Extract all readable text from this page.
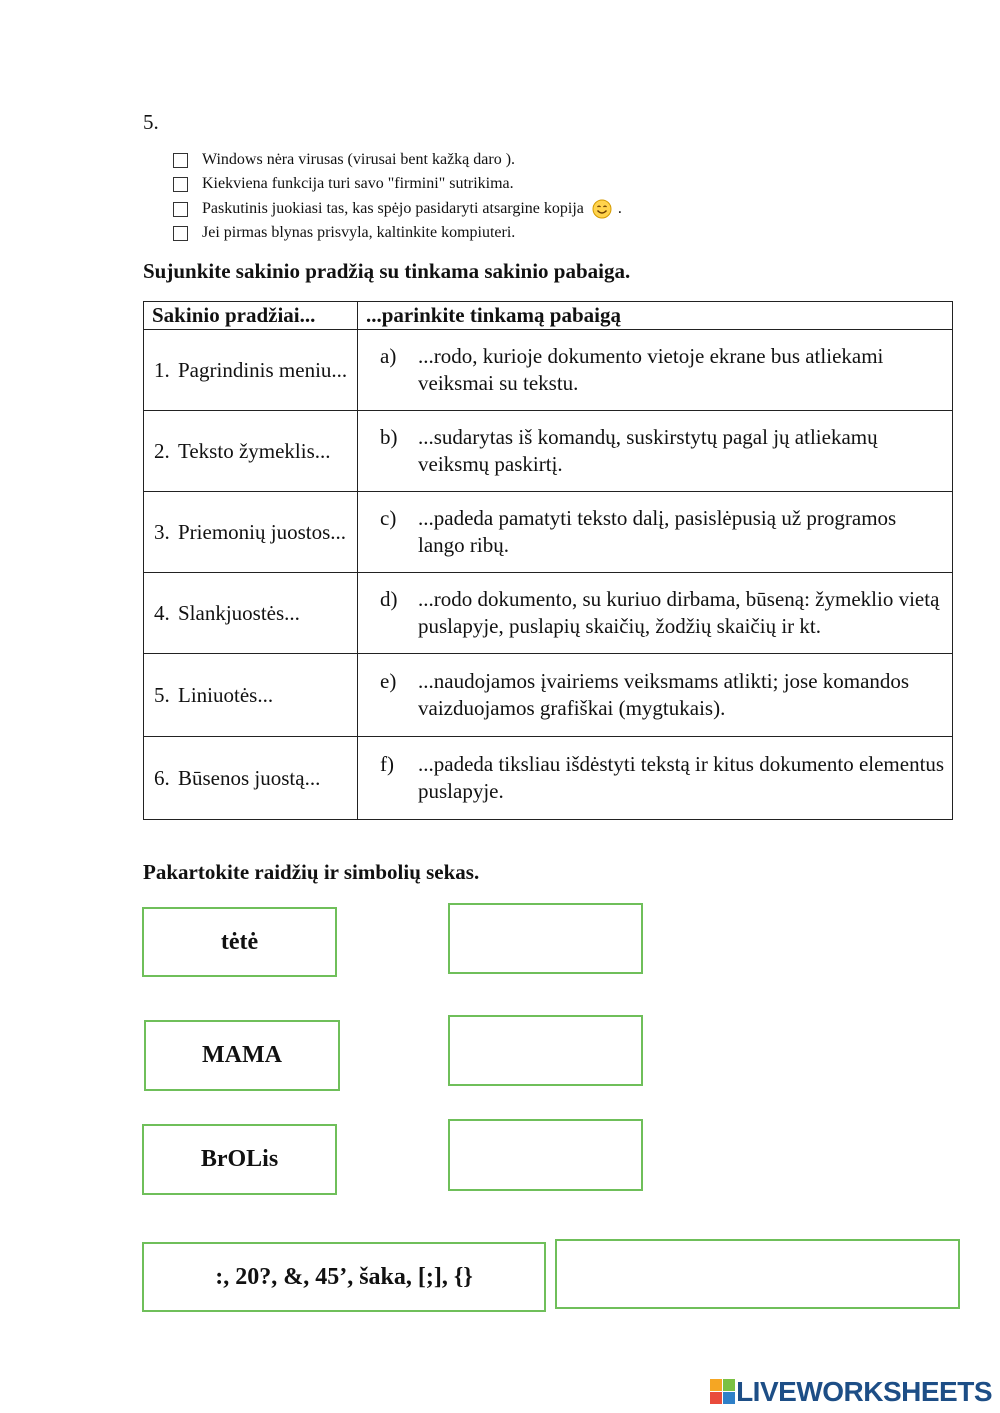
5.
Windows nėra virusas (virusai bent kažką daro ).
Kiekviena funkcija turi savo "firmini" sutrikima.
Paskutinis juokiasi tas, kas spėjo pasidaryti atsargine kopija .
Jei pirmas blynas prisvyla, kaltinkite kompiuteri.
Sujunkite sakinio pradžią su tinkama sakinio pabaiga.
Sakinio pradžiai...	...parinkite tinkamą pabaigą

1. Pagrindinis meniu...	a) ...rodo, kurioje dokumento vietoje ekrane bus atliekami veiksmai su tekstu.

2. Teksto žymeklis...	b) ...sudarytas iš komandų, suskirstytų pagal jų atliekamų veiksmų paskirtį.

3. Priemonių juostos...	c) ...padeda pamatyti teksto dalį, pasislėpusią už programos lango ribų.

4. Slankjuostės...	d) ...rodo dokumento, su kuriuo dirbama, būseną: žymeklio vietą puslapyje, puslapių skaičių, žodžių skaičių ir kt.

5. Liniuotės...	e) ...naudojamos įvairiems veiksmams atlikti; jose komandos vaizduojamos grafiškai (mygtukais).

6. Būsenos juostą...	f) ...padeda tiksliau išdėstyti tekstą ir kitus dokumento elementus puslapyje.
Pakartokite raidžių ir simbolių sekas.
tėtė
MAMA
BrOLis
:, 20?, &, 45’, šaka, [;], {}
LIVEWORKSHEETS
